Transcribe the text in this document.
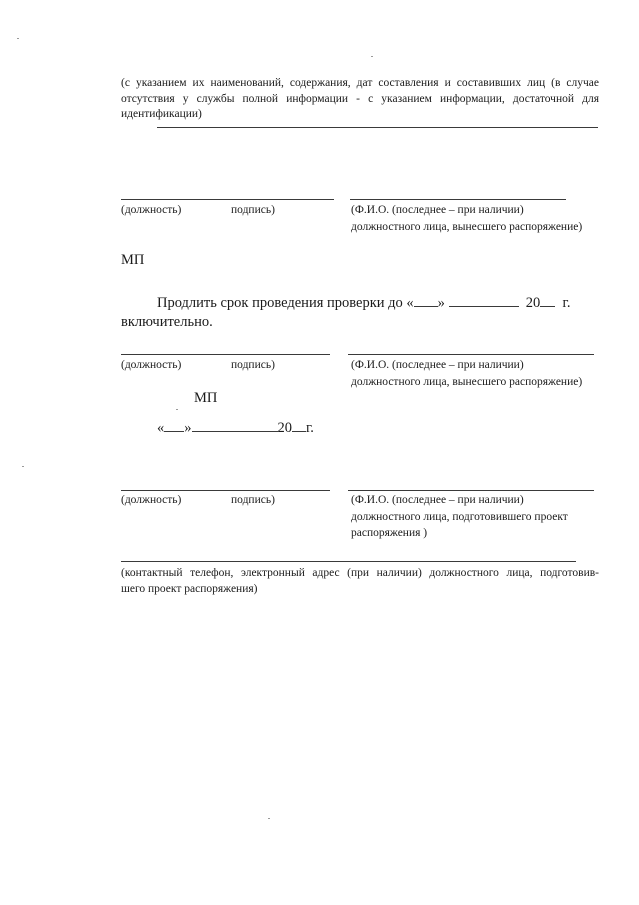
(с указанием их наименований, содержания, дат составления и составивших лиц (в случае
отсутствия у службы полной информации - с указанием информации, достаточной для
идентификации)
(должность)	подпись)	(Ф.И.О. (последнее – при наличии)
должностного лица, вынесшего распоряжение)
МП
Продлить срок проведения проверки до « »	20 г.
включительно.
(должность)	подпись)	(Ф.И.О. (последнее – при наличии)
должностного лица, вынесшего распоряжение)
МП
« »	20 г.
(должность)	подпись)	(Ф.И.О. (последнее – при наличии)
должностного лица, подготовившего проект
распоряжения )
(контактный телефон, электронный адрес (при наличии) должностного лица, подготовив-
шего проект распоряжения)
